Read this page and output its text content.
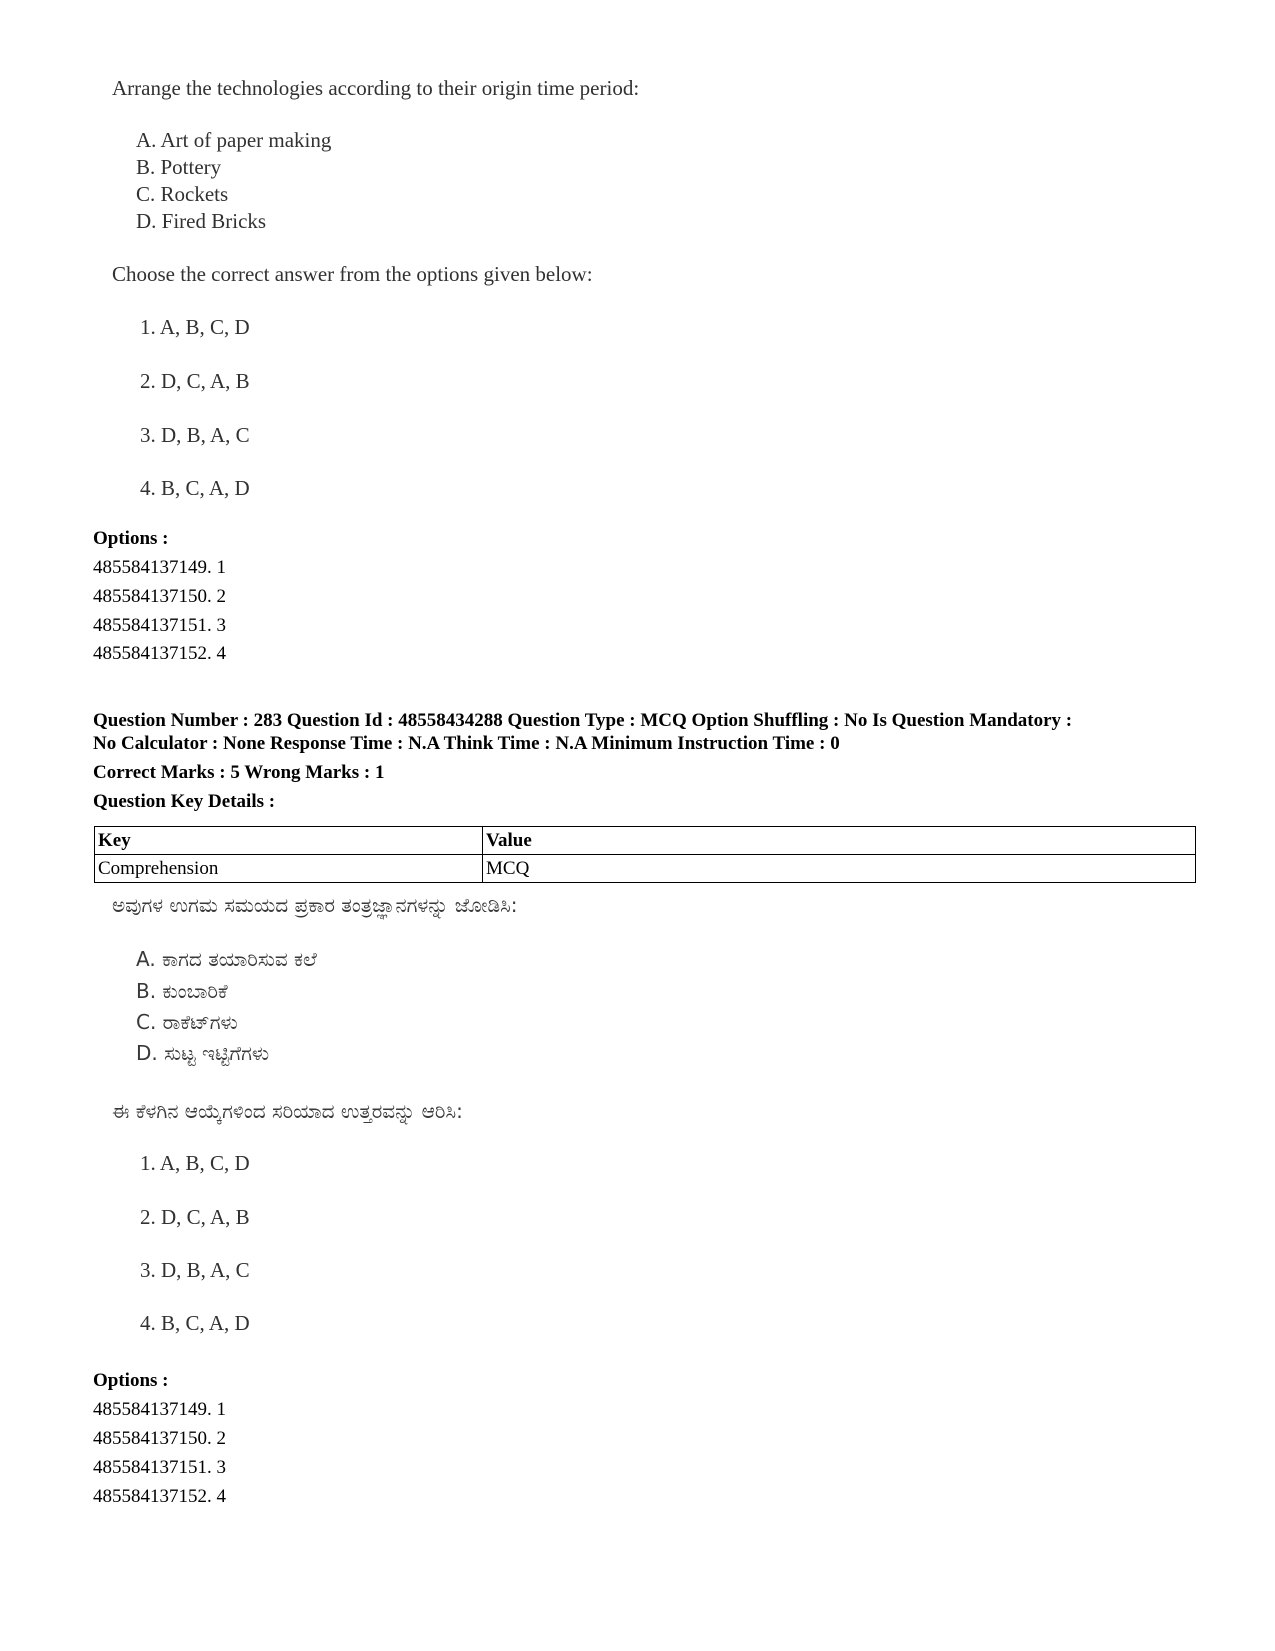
Arrange the technologies according to their origin time period:
A. Art of paper making
B. Pottery
C. Rockets
D. Fired Bricks
Choose the correct answer from the options given below:
1. A, B, C, D
2. D, C, A, B
3. D, B, A, C
4. B, C, A, D
Options :
485584137149. 1
485584137150. 2
485584137151. 3
485584137152. 4
Question Number : 283 Question Id : 48558434288 Question Type : MCQ Option Shuffling : No Is Question Mandatory :
No Calculator : None Response Time : N.A Think Time : N.A Minimum Instruction Time : 0
Correct Marks : 5 Wrong Marks : 1
Question Key Details :
Key	Value
Comprehension	MCQ
ಅವುಗಳ ಉಗಮ ಸಮಯದ ಪ್ರಕಾರ ತಂತ್ರಜ್ಞಾನಗಳನ್ನು ಜೋಡಿಸಿ:
A. ಕಾಗದ ತಯಾರಿಸುವ ಕಲೆ
B. ಕುಂಬಾರಿಕೆ
C. ರಾಕೆಟ್‌ಗಳು
D. ಸುಟ್ಟ ಇಟ್ಟಿಗೆಗಳು
ಈ ಕೆಳಗಿನ ಆಯ್ಕೆಗಳಿಂದ ಸರಿಯಾದ ಉತ್ತರವನ್ನು ಆರಿಸಿ:
1. A, B, C, D
2. D, C, A, B
3. D, B, A, C
4. B, C, A, D
Options :
485584137149. 1
485584137150. 2
485584137151. 3
485584137152. 4
